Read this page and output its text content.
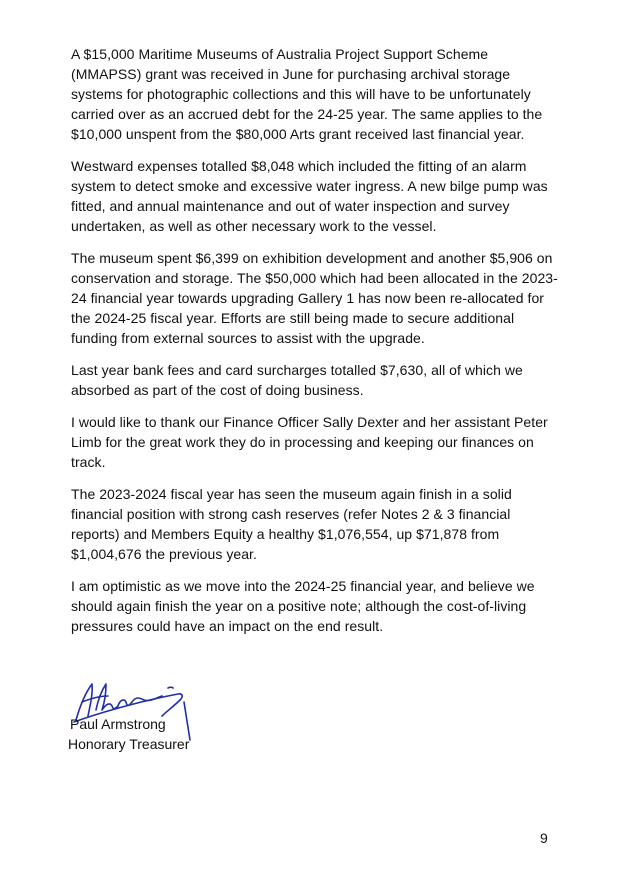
A $15,000 Maritime Museums of Australia Project Support Scheme (MMAPSS) grant was received in June for purchasing archival storage systems for photographic collections and this will have to be unfortunately carried over as an accrued debt for the 24-25 year. The same applies to the $10,000 unspent from the $80,000 Arts grant received last financial year.

Westward expenses totalled $8,048 which included the fitting of an alarm system to detect smoke and excessive water ingress. A new bilge pump was fitted, and annual maintenance and out of water inspection and survey undertaken, as well as other necessary work to the vessel.

The museum spent $6,399 on exhibition development and another $5,906 on conservation and storage. The $50,000 which had been allocated in the 2023-24 financial year towards upgrading Gallery 1 has now been re-allocated for the 2024-25 fiscal year. Efforts are still being made to secure additional funding from external sources to assist with the upgrade.

Last year bank fees and card surcharges totalled $7,630, all of which we absorbed as part of the cost of doing business.

I would like to thank our Finance Officer Sally Dexter and her assistant Peter Limb for the great work they do in processing and keeping our finances on track.

The 2023-2024 fiscal year has seen the museum again finish in a solid financial position with strong cash reserves (refer Notes 2 & 3 financial reports) and Members Equity a healthy $1,076,554, up $71,878 from $1,004,676 the previous year.

I am optimistic as we move into the 2024-25 financial year, and believe we should again finish the year on a positive note; although the cost-of-living pressures could have an impact on the end result.

Paul Armstrong

Honorary Treasurer

9
